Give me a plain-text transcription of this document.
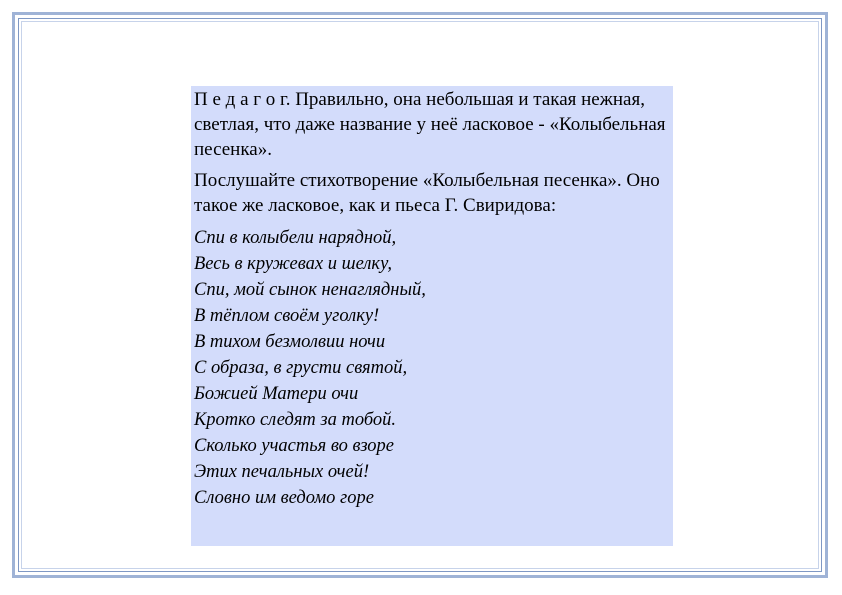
П е д а г о г. Правильно, она небольшая и такая нежная, светлая, что даже название у неё ласковое - «Колыбельная песенка».

Послушайте стихотворение «Колыбельная песенка». Оно такое же ласковое, как и пьеса Г. Свиридова:

Спи в колыбели нарядной,
Весь в кружевах и шелку,
Спи, мой сынок ненаглядный,
В тёплом своём уголку!
В тихом безмолвии ночи
С образа, в грусти святой,
Божией Матери очи
Кротко следят за тобой.
Сколько участья во взоре
Этих печальных очей!
Словно им ведомо горе
